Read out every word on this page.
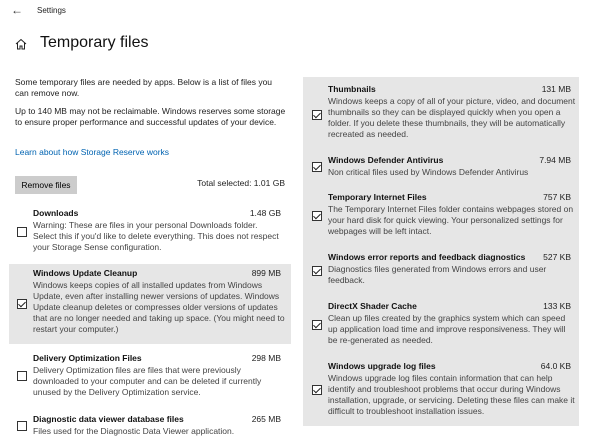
← Settings
Temporary files
Some temporary files are needed by apps. Below is a list of files you can remove now.
Up to 140 MB may not be reclaimable. Windows reserves some storage to ensure proper performance and successful updates of your device.
Learn about how Storage Reserve works
Remove files	Total selected: 1.01 GB
Downloads	1.48 GB
Warning: These are files in your personal Downloads folder. Select this if you'd like to delete everything. This does not respect your Storage Sense configuration.
Windows Update Cleanup	899 MB
Windows keeps copies of all installed updates from Windows Update, even after installing newer versions of updates. Windows Update cleanup deletes or compresses older versions of updates that are no longer needed and taking up space. (You might need to restart your computer.)
Delivery Optimization Files	298 MB
Delivery Optimization files are files that were previously downloaded to your computer and can be deleted if currently unused by the Delivery Optimization service.
Diagnostic data viewer database files	265 MB
Files used for the Diagnostic Data Viewer application.
Thumbnails	131 MB
Windows keeps a copy of all of your picture, video, and document thumbnails so they can be displayed quickly when you open a folder. If you delete these thumbnails, they will be automatically recreated as needed.
Windows Defender Antivirus	7.94 MB
Non critical files used by Windows Defender Antivirus
Temporary Internet Files	757 KB
The Temporary Internet Files folder contains webpages stored on your hard disk for quick viewing. Your personalized settings for webpages will be left intact.
Windows error reports and feedback diagnostics 527 KB
Diagnostics files generated from Windows errors and user feedback.
DirectX Shader Cache	133 KB
Clean up files created by the graphics system which can speed up application load time and improve responsiveness. They will be re-generated as needed.
Windows upgrade log files	64.0 KB
Windows upgrade log files contain information that can help identify and troubleshoot problems that occur during Windows installation, upgrade, or servicing. Deleting these files can make it difficult to troubleshoot installation issues.
